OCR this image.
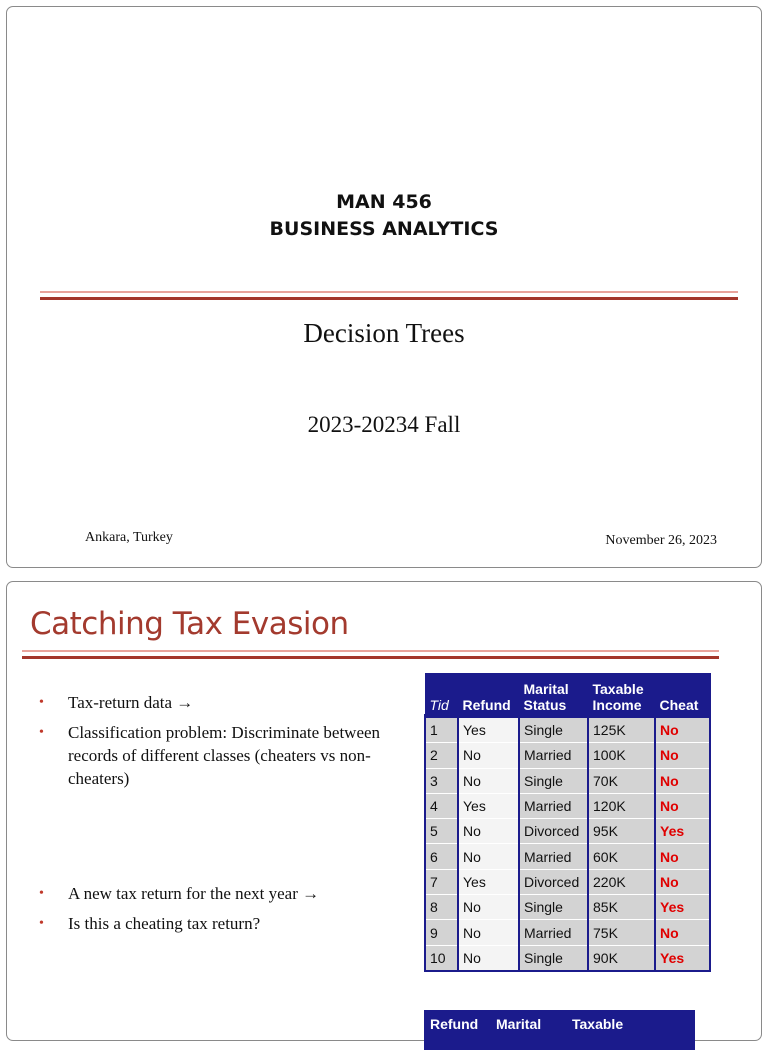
MAN 456
BUSINESS ANALYTICS
Decision Trees
2023-20234 Fall
Ankara, Turkey	November 26, 2023
Catching Tax Evasion
• Tax-return data →
• Classification problem: Discriminate between records of different classes (cheaters vs non-cheaters)
• A new tax return for the next year →
• Is this a cheating tax return?
Tid	Refund	Marital Status	Taxable Income	Cheat
1	Yes	Single	125K	No
2	No	Married	100K	No
3	No	Single	70K	No
4	Yes	Married	120K	No
5	No	Divorced	95K	Yes
6	No	Married	60K	No
7	Yes	Divorced	220K	No
8	No	Single	85K	Yes
9	No	Married	75K	No
10	No	Single	90K	Yes
Refund Marital Taxable
